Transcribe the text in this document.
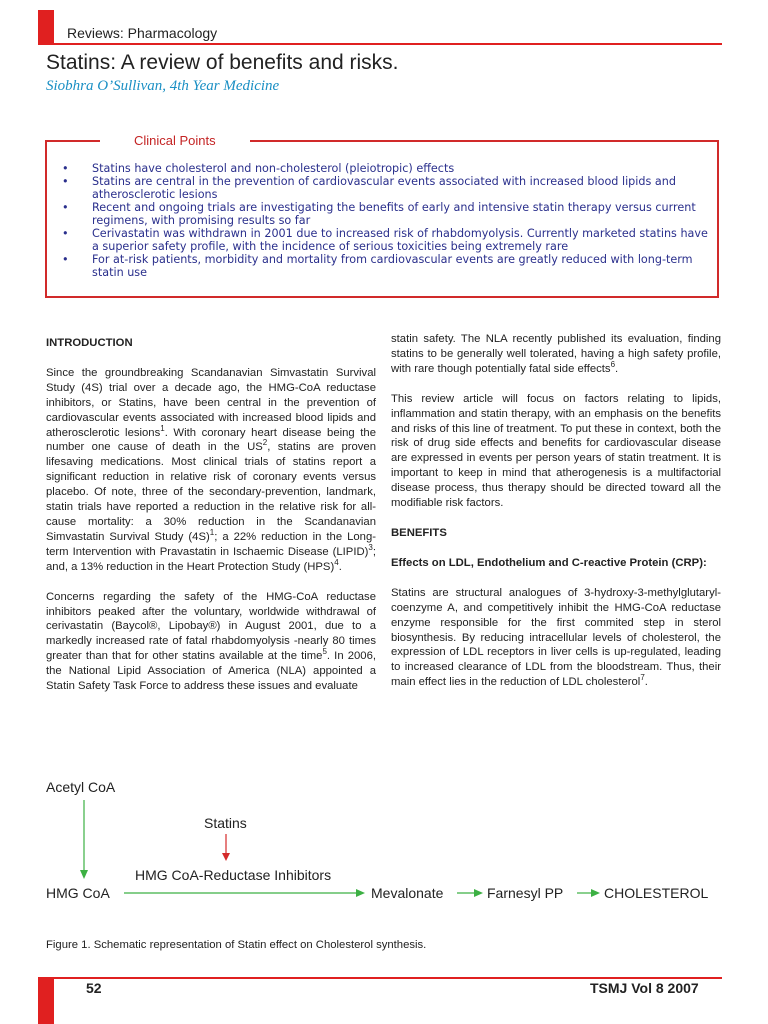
Reviews: Pharmacology
Statins: A review of benefits and risks.
Siobhra O’Sullivan, 4th Year Medicine
Clinical Points
• Statins have cholesterol and non-cholesterol (pleiotropic) effects
• Statins are central in the prevention of cardiovascular events associated with increased blood lipids and atherosclerotic lesions
• Recent and ongoing trials are investigating the benefits of early and intensive statin therapy versus current regimens, with promising results so far
• Cerivastatin was withdrawn in 2001 due to increased risk of rhabdomyolysis. Currently marketed statins have a superior safety profile, with the incidence of serious toxicities being extremely rare
• For at-risk patients, morbidity and mortality from cardiovascular events are greatly reduced with long-term statin use
INTRODUCTION

Since the groundbreaking Scandanavian Simvastatin Survival Study (4S) trial over a decade ago, the HMG-CoA reductase inhibitors, or Statins, have been central in the prevention of cardiovascular events associated with increased blood lipids and atherosclerotic lesions$^1$. With coronary heart disease being the number one cause of death in the $US^2$, statins are proven lifesaving medications. Most clinical trials of statins report a significant reduction in relative risk of coronary events versus placebo. Of note, three of the secondary-prevention, landmark, statin trials have reported a reduction in the relative risk for all-cause mortality: a 30% reduction in the Scandanavian Simvastatin Survival Study $(4S)^1$; a 22% reduction in the Long-term Intervention with Pravastatin in Ischaemic Disease (LIPID)$^3$; and, a 13% reduction in the Heart Protection Study (HPS)$^4$.

Concerns regarding the safety of the HMG-CoA reductase inhibitors peaked after the voluntary, worldwide withdrawal of cerivastatin (Baycol®, Lipobay®) in August 2001, due to a markedly increased rate of fatal rhabdomyolysis -nearly 80 times greater than that for other statins available at the time$^5$. In 2006, the National Lipid Association of America (NLA) appointed a Statin Safety Task Force to address these issues and evaluate

statin safety. The NLA recently published its evaluation, finding statins to be generally well tolerated, having a high safety profile, with rare though potentially fatal side effects$^6$.

This review article will focus on factors relating to lipids, inflammation and statin therapy, with an emphasis on the benefits and risks of this line of treatment. To put these in context, both the risk of drug side effects and benefits for cardiovascular disease are expressed in events per person years of statin treatment. It is important to keep in mind that atherogenesis is a multifactorial disease process, thus therapy should be directed toward all the modifiable risk factors.

BENEFITS
Effects on LDL, Endothelium and C-reactive Protein (CRP):

Statins are structural analogues of 3-hydroxy-3-methylglutaryl-coenzyme A, and competitively inhibit the HMG-CoA reductase enzyme responsible for the first commited step in sterol biosynthesis. By reducing intracellular levels of cholesterol, the expression of LDL receptors in liver cells is up-regulated, leading to increased clearance of LDL from the bloodstream. Thus, their main effect lies in the reduction of LDL cholesterol$^7$.

Acetyl CoA
Statins
HMG CoA-Reductase Inhibitors
HMG CoA	Mevalonate	Farnesyl PP	CHOLESTEROL
Figure 1. Schematic representation of Statin effect on Cholesterol synthesis.
52	TSMJ Vol 8 2007
